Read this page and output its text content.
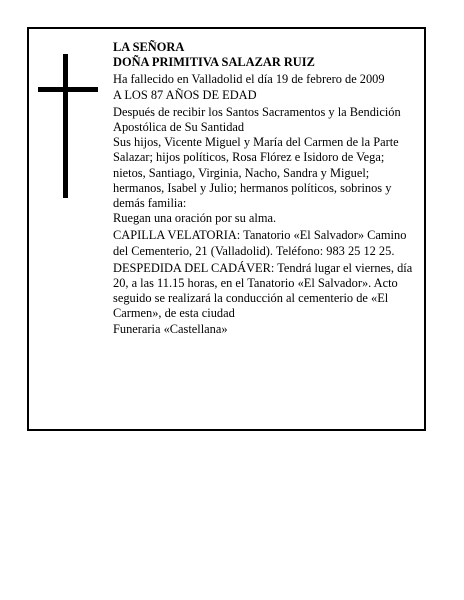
LA SEÑORA

DOÑA PRIMITIVA SALAZAR RUIZ

Ha fallecido en Valladolid el día 19 de febrero de 2009

A LOS 87 AÑOS DE EDAD

Después de recibir los Santos Sacramentos y la Bendición Apostólica de Su Santidad

Sus hijos, Vicente Miguel y María del Carmen de la Parte Salazar; hijos políticos, Rosa Flórez e Isidoro de Vega; nietos, Santiago, Virginia, Nacho, Sandra y Miguel; hermanos, Isabel y Julio; hermanos políticos, sobrinos y demás familia:

Ruegan una oración por su alma.

CAPILLA VELATORIA: Tanatorio «El Salvador» Camino del Cementerio, 21 (Valladolid). Teléfono: 983 25 12 25.

DESPEDIDA DEL CADÁVER: Tendrá lugar el viernes, día 20, a las 11.15 horas, en el Tanatorio «El Salvador». Acto seguido se realizará la conducción al cementerio de «El Carmen», de esta ciudad

Funeraria «Castellana»
